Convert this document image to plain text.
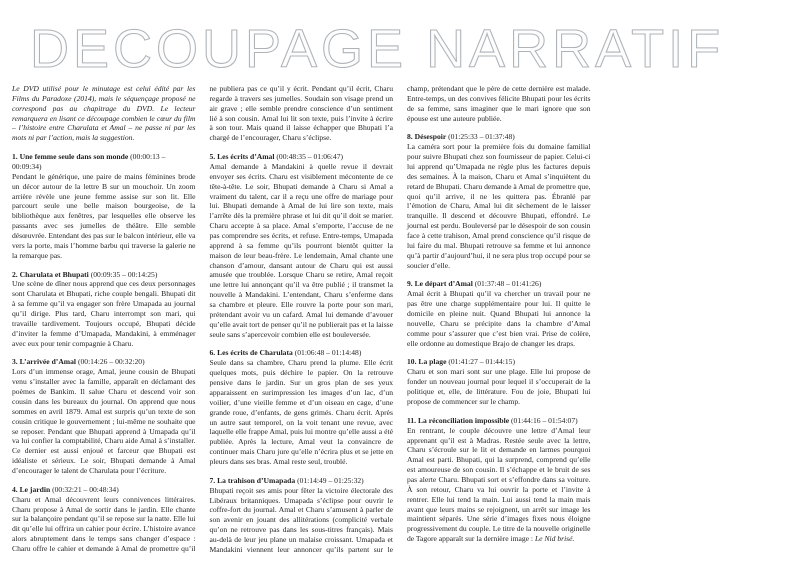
DECOUPAGE NARRATIF

Le DVD utilisé pour le minutage est celui édité par les Films du Paradoxe (2014), mais le séquençage proposé ne correspond pas au chapitrage du DVD. Le lecteur remarquera en lisant ce découpage combien le cœur du film – l’histoire entre Charulata et Amal – ne passe ni par les mots ni par l’action, mais la suggestion.

1. Une femme seule dans son monde (00:00:13 – 00:09:34)

Pendant le générique, une paire de mains féminines brode un décor autour de la lettre B sur un mouchoir. Un zoom arrière révèle une jeune femme assise sur son lit. Elle parcourt seule une belle maison bourgeoise, de la bibliothèque aux fenêtres, par lesquelles elle observe les passants avec ses jumelles de théâtre. Elle semble désœuvrée. Entendant des pas sur le balcon intérieur, elle va vers la porte, mais l’homme barbu qui traverse la galerie ne la remarque pas.

2. Charulata et Bhupati (00:09:35 – 00:14:25)

Une scène de dîner nous apprend que ces deux personnages sont Charulata et Bhupati, riche couple bengali. Bhupati dit à sa femme qu’il va engager son frère Umapada au journal qu’il dirige. Plus tard, Charu interrompt son mari, qui travaille tardivement. Toujours occupé, Bhupati décide d’inviter la femme d’Umapada, Mandakini, à emménager avec eux pour tenir compagnie à Charu.

3. L’arrivée d’Amal (00:14:26 – 00:32:20)

Lors d’un immense orage, Amal, jeune cousin de Bhupati venu s’installer avec la famille, apparaît en déclamant des poèmes de Bankim. Il salue Charu et descend voir son cousin dans les bureaux du journal. On apprend que nous sommes en avril 1879. Amal est surpris qu’un texte de son cousin critique le gouvernement ; lui-même ne souhaite que se reposer. Pendant que Bhupati apprend à Umapada qu’il va lui confier la comptabilité, Charu aide Amal à s’installer. Ce dernier est aussi enjoué et farceur que Bhupati est idéaliste et sérieux. Le soir, Bhupati demande à Amal d’encourager le talent de Charulata pour l’écriture.

4. Le jardin (00:32:21 – 00:48:34)

Charu et Amal découvrent leurs connivences littéraires. Charu propose à Amal de sortir dans le jardin. Elle chante sur la balançoire pendant qu’il se repose sur la natte. Elle lui dit qu’elle lui offrira un cahier pour écrire. L’histoire avance alors abruptement dans le temps sans changer d’espace : Charu offre le cahier et demande à Amal de promettre qu’il ne publiera pas ce qu’il y écrit. Pendant qu’il écrit, Charu regarde à travers ses jumelles. Soudain son visage prend un air grave ; elle semble prendre conscience d’un sentiment lié à son cousin. Amal lui lit son texte, puis l’invite à écrire à son tour. Mais quand il laisse échapper que Bhupati l’a chargé de l’encourager, Charu s’éclipse.

5. Les écrits d’Amal (00:48:35 – 01:06:47)

Amal demande à Mandakini à quelle revue il devrait envoyer ses écrits. Charu est visiblement mécontente de ce tête-à-tête. Le soir, Bhupati demande à Charu si Amal a vraiment du talent, car il a reçu une offre de mariage pour lui. Bhupati demande à Amal de lui lire son texte, mais l’arrête dès la première phrase et lui dit qu’il doit se marier. Charu accepte à sa place. Amal s’emporte, l’accuse de ne pas comprendre ses écrits, et refuse. Entre-temps, Umapada apprend à sa femme qu’ils pourront bientôt quitter la maison de leur beau-frère. Le lendemain, Amal chante une chanson d’amour, dansant autour de Charu qui est aussi amusée que troublée. Lorsque Charu se retire, Amal reçoit une lettre lui annonçant qu’il va être publié ; il transmet la nouvelle à Mandakini. L’entendant, Charu s’enferme dans sa chambre et pleure. Elle rouvre la porte pour son mari, prétendant avoir vu un cafard. Amal lui demande d’avouer qu’elle avait tort de penser qu’il ne publierait pas et la laisse seule sans s’apercevoir combien elle est bouleversée.

6. Les écrits de Charulata (01:06:48 – 01:14:48)

Seule dans sa chambre, Charu prend la plume. Elle écrit quelques mots, puis déchire le papier. On la retrouve pensive dans le jardin. Sur un gros plan de ses yeux apparaissent en surimpression les images d’un lac, d’un voilier, d’une vieille femme et d’un oiseau en cage, d’une grande roue, d’enfants, de gens grimés. Charu écrit. Après un autre saut temporel, on la voit tenant une revue, avec laquelle elle frappe Amal, puis lui montre qu’elle aussi a été publiée. Après la lecture, Amal veut la convaincre de continuer mais Charu jure qu’elle n’écrira plus et se jette en pleurs dans ses bras. Amal reste seul, troublé.

7. La trahison d’Umapada (01:14:49 – 01:25:32)

Bhupati reçoit ses amis pour fêter la victoire électorale des Libéraux britanniques. Umapada s’éclipse pour ouvrir le coffre-fort du journal. Amal et Charu s’amusent à parler de son avenir en jouant des allitérations (complicité verbale qu’on ne retrouve pas dans les sous-titres français). Mais au-delà de leur jeu plane un malaise croissant. Umapada et Mandakini viennent leur annoncer qu’ils partent sur le champ, prétendant que le père de cette dernière est malade. Entre-temps, un des convives félicite Bhupati pour les écrits de sa femme, sans imaginer que le mari ignore que son épouse est une auteure publiée.

8. Désespoir (01:25:33 – 01:37:48)

La caméra sort pour la première fois du domaine familial pour suivre Bhupati chez son fournisseur de papier. Celui-ci lui apprend qu’Umapada ne règle plus les factures depuis des semaines. À la maison, Charu et Amal s’inquiètent du retard de Bhupati. Charu demande à Amal de promettre que, quoi qu’il arrive, il ne les quittera pas. Ébranlé par l’émotion de Charu, Amal lui dit sèchement de le laisser tranquille. Il descend et découvre Bhupati, effondré. Le journal est perdu. Bouleversé par le désespoir de son cousin face à cette trahison, Amal prend conscience qu’il risque de lui faire du mal. Bhupati retrouve sa femme et lui annonce qu’à partir d’aujourd’hui, il ne sera plus trop occupé pour se soucier d’elle.

9. Le départ d’Amal (01:37:48 – 01:41:26)

Amal écrit à Bhupati qu’il va chercher un travail pour ne pas être une charge supplémentaire pour lui. Il quitte le domicile en pleine nuit. Quand Bhupati lui annonce la nouvelle, Charu se précipite dans la chambre d’Amal comme pour s’assurer que c’est bien vrai. Prise de colère, elle ordonne au domestique Brajo de changer les draps.

10. La plage (01:41:27 – 01:44:15)

Charu et son mari sont sur une plage. Elle lui propose de fonder un nouveau journal pour lequel il s’occuperait de la politique et, elle, de littérature. Fou de joie, Bhupati lui propose de commencer sur le champ.

11. La réconciliation impossible (01:44:16 – 01:54:07)

En rentrant, le couple découvre une lettre d’Amal leur apprenant qu’il est à Madras. Restée seule avec la lettre, Charu s’écroule sur le lit et demande en larmes pourquoi Amal est parti. Bhupati, qui la surprend, comprend qu’elle est amoureuse de son cousin. Il s’échappe et le bruit de ses pas alerte Charu. Bhupati sort et s’effondre dans sa voiture. À son retour, Charu va lui ouvrir la porte et l’invite à rentrer. Elle lui tend la main. Lui aussi tend la main mais avant que leurs mains se rejoignent, un arrêt sur image les maintient séparés. Une série d’images fixes nous éloigne progressivement du couple. Le titre de la nouvelle originelle de Tagore apparaît sur la dernière image : Le Nid brisé.
